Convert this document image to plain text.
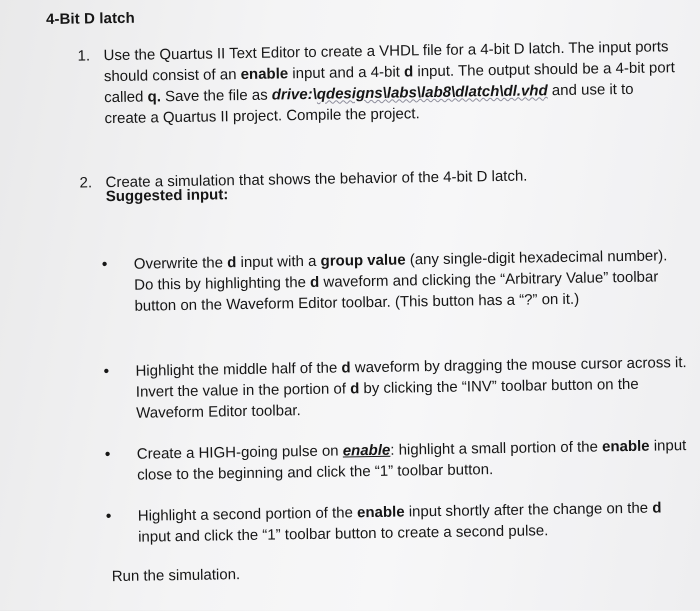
4-Bit D latch
1. Use the Quartus II Text Editor to create a VHDL file for a 4-bit D latch. The input ports should consist of an enable input and a 4-bit d input. The output should be a 4-bit port called q. Save the file as drive:\qdesigns\labs\lab8\dlatch\dl.vhd and use it to create a Quartus II project. Compile the project.
2. Create a simulation that shows the behavior of the 4-bit D latch.
Suggested input:
• Overwrite the d input with a group value (any single-digit hexadecimal number). Do this by highlighting the d waveform and clicking the “Arbitrary Value” toolbar button on the Waveform Editor toolbar. (This button has a “?” on it.)
• Highlight the middle half of the d waveform by dragging the mouse cursor across it. Invert the value in the portion of d by clicking the “INV” toolbar button on the Waveform Editor toolbar.
• Create a HIGH-going pulse on enable: highlight a small portion of the enable input close to the beginning and click the “1” toolbar button.
• Highlight a second portion of the enable input shortly after the change on the d input and click the “1” toolbar button to create a second pulse.
Run the simulation.
